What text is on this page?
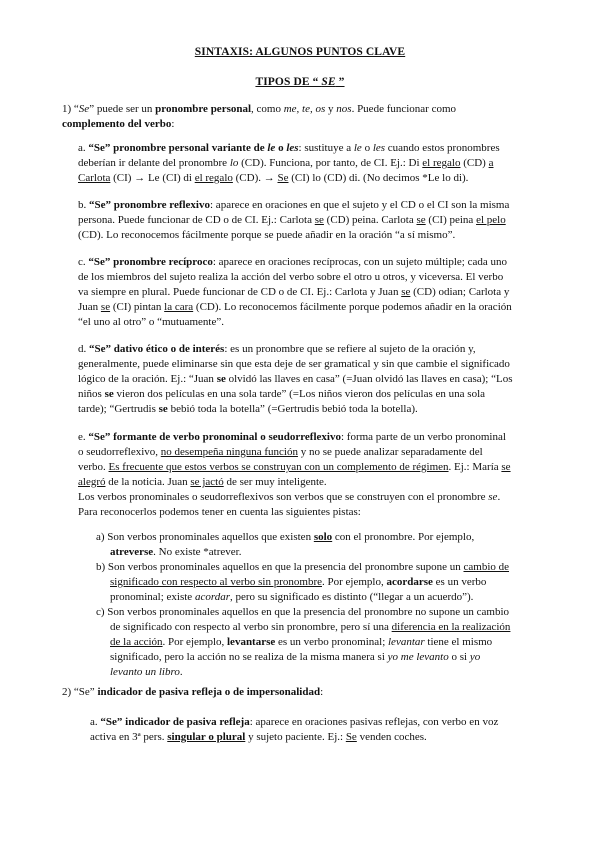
SINTAXIS: ALGUNOS PUNTOS CLAVE
TIPOS DE “ SE ”
1) “Se” puede ser un pronombre personal, como me, te, os y nos. Puede funcionar como
complemento del verbo:
a. “Se” pronombre personal variante de le o les: sustituye a le o les cuando estos pronombres
deberían ir delante del pronombre lo (CD). Funciona, por tanto, de CI. Ej.: Di el regalo (CD) a
Carlota (CI) → Le (CI) di el regalo (CD). → Se (CI) lo (CD) di. (No decimos *Le lo di).
b. “Se” pronombre reflexivo: aparece en oraciones en que el sujeto y el CD o el CI son la misma
persona. Puede funcionar de CD o de CI. Ej.: Carlota se (CD) peina. Carlota se (CI) peina el pelo
(CD). Lo reconocemos fácilmente porque se puede añadir en la oración “a sí mismo”.
c. “Se” pronombre recíproco: aparece en oraciones recíprocas, con un sujeto múltiple; cada uno
de los miembros del sujeto realiza la acción del verbo sobre el otro u otros, y viceversa. El verbo
va siempre en plural. Puede funcionar de CD o de CI. Ej.: Carlota y Juan se (CD) odian; Carlota y
Juan se (CI) pintan la cara (CD). Lo reconocemos fácilmente porque podemos añadir en la oración
“el uno al otro” o “mutuamente”.
d. “Se” dativo ético o de interés: es un pronombre que se refiere al sujeto de la oración y,
generalmente, puede eliminarse sin que esta deje de ser gramatical y sin que cambie el significado
lógico de la oración. Ej.: “Juan se olvidó las llaves en casa” (=Juan olvidó las llaves en casa); “Los
niños se vieron dos películas en una sola tarde” (=Los niños vieron dos películas en una sola
tarde); “Gertrudis se bebió toda la botella” (=Gertrudis bebió toda la botella).
e. “Se” formante de verbo pronominal o seudorreflexivo: forma parte de un verbo pronominal
o seudorreflexivo, no desempeña ninguna función y no se puede analizar separadamente del
verbo. Es frecuente que estos verbos se construyan con un complemento de régimen. Ej.: María se
alegró de la noticia. Juan se jactó de ser muy inteligente.
Los verbos pronominales o seudorreflexivos son verbos que se construyen con el pronombre se.
Para reconocerlos podemos tener en cuenta las siguientes pistas:
a) Son verbos pronominales aquellos que existen solo con el pronombre. Por ejemplo,
atreverse. No existe *atrever.
b) Son verbos pronominales aquellos en que la presencia del pronombre supone un cambio de
significado con respecto al verbo sin pronombre. Por ejemplo, acordarse es un verbo
pronominal; existe acordar, pero su significado es distinto (“llegar a un acuerdo”).
c) Son verbos pronominales aquellos en que la presencia del pronombre no supone un cambio
de significado con respecto al verbo sin pronombre, pero sí una diferencia en la realización
de la acción. Por ejemplo, levantarse es un verbo pronominal; levantar tiene el mismo
significado, pero la acción no se realiza de la misma manera si yo me levanto o si yo
levanto un libro.
2) “Se” indicador de pasiva refleja o de impersonalidad:
a. “Se” indicador de pasiva refleja: aparece en oraciones pasivas reflejas, con verbo en voz
activa en 3ª pers. singular o plural y sujeto paciente. Ej.: Se venden coches.
